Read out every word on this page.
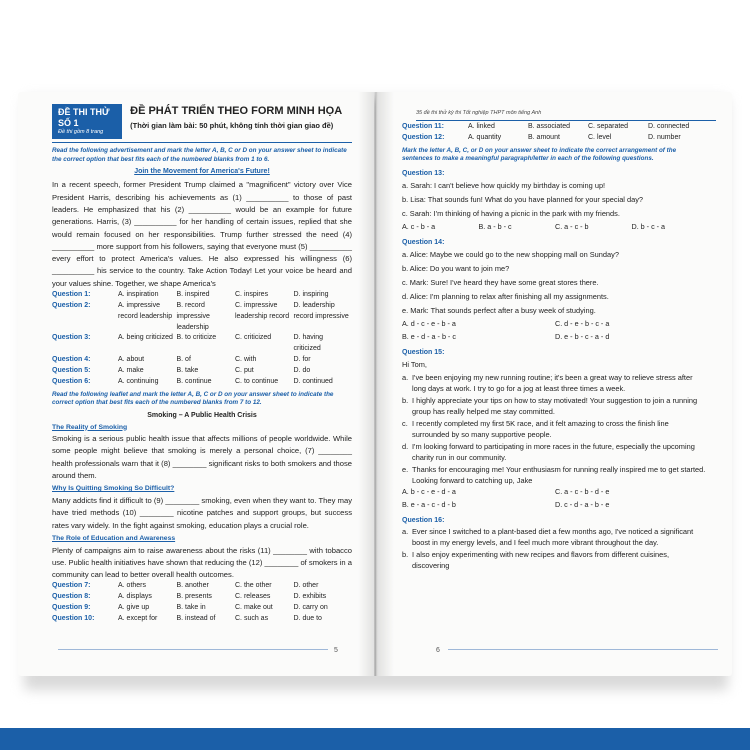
ĐỀ THI THỬ SỐ 1
Đề thi gồm 8 trang

ĐỀ PHÁT TRIỂN THEO FORM MINH HỌA
(Thời gian làm bài: 50 phút, không tính thời gian giao đề)
Read the following advertisement and mark the letter A, B, C or D on your answer sheet to indicate the correct option that best fits each of the numbered blanks from 1 to 6.
Join the Movement for America's Future!
In a recent speech, former President Trump claimed a "magnificent" victory over Vice President Harris, describing his achievements as (1) __________ to those of past leaders. He emphasized that his (2) __________ would be an example for future generations. Harris, (3) __________ for her handling of certain issues, replied that she would remain focused on her responsibilities. Trump further stressed the need (4) __________ more support from his followers, saying that everyone must (5) __________ every effort to protect America's values. He also expressed his willingness (6) __________ his service to the country. Take Action Today! Let your voice be heard and your values shine. Together, we shape America's
Question 1:	A. inspiration	B. inspired	C. inspires	D. inspiring
Question 2:	A. impressive record leadership
B. record impressive leadership
C. impressive leadership record
D. leadership record impressive
Question 3:	A. being criticized B. to criticize	C. criticized	D. having criticized
Question 4:	A. about	B. of	C. with	D. for
Question 5:	A. make	B. take	C. put	D. do
Question 6:	A. continuing	B. continue	C. to continue	D. continued
Read the following leaflet and mark the letter A, B, C or D on your answer sheet to indicate the correct option that best fits each of the numbered blanks from 7 to 12.
Smoking – A Public Health Crisis
The Reality of Smoking
Smoking is a serious public health issue that affects millions of people worldwide. While some people might believe that smoking is merely a personal choice, (7) ________ health professionals warn that it (8) ________ significant risks to both smokers and those around them.
Why Is Quitting Smoking So Difficult?
Many addicts find it difficult to (9) ________ smoking, even when they want to. They may have tried methods (10) ________ nicotine patches and support groups, but success rates vary widely. In the fight against smoking, education plays a crucial role.
The Role of Education and Awareness
Plenty of campaigns aim to raise awareness about the risks (11) ________ with tobacco use. Public health initiatives have shown that reducing the (12) ________ of smokers in a community can lead to better overall health outcomes.
Question 7:	A. others	B. another	C. the other	D. other
Question 8:	A. displays	B. presents	C. releases	D. exhibits
Question 9:	A. give up	B. take in	C. make out	D. carry on
Question 10:	A. except for	B. instead of	C. such as	D. due to
5
35 đề thi thử kỳ thi Tốt nghiệp THPT môn tiếng Anh
Question 11:	A. linked	B. associated	C. separated	D. connected
Question 12:	A. quantity	B. amount	C. level	D. number
Mark the letter A, B, C, or D on your answer sheet to indicate the correct arrangement of the sentences to make a meaningful paragraph/letter in each of the following questions.
Question 13:
a. Sarah: I can't believe how quickly my birthday is coming up!
b. Lisa: That sounds fun! What do you have planned for your special day?
c. Sarah: I'm thinking of having a picnic in the park with my friends.
A. c - b - a	B. a - b - c	C. a - c - b	D. b - c - a
Question 14:
a. Alice: Maybe we could go to the new shopping mall on Sunday?
b. Alice: Do you want to join me?
c. Mark: Sure! I've heard they have some great stores there.
d. Alice: I'm planning to relax after finishing all my assignments.
e. Mark: That sounds perfect after a busy week of studying.
A. d - c - e - b - a	C. d - e - b - c - a
B. e - d - a - b - c	D. e - b - c - a - d
Question 15:
Hi Tom,
a. I've been enjoying my new running routine; it's been a great way to relieve stress after long days at work. I try to go for a jog at least three times a week.
b. I highly appreciate your tips on how to stay motivated! Your suggestion to join a running group has really helped me stay committed.
c. I recently completed my first 5K race, and it felt amazing to cross the finish line surrounded by so many supportive people.
d. I'm looking forward to participating in more races in the future, especially the upcoming charity run in our community.
e. Thanks for encouraging me! Your enthusiasm for running really inspired me to get started. Looking forward to catching up, Jake
A. b - c - e - d - a	C. a - c - b - d - e
B. e - a - c - d - b	D. c - d - a - b - e
Question 16:
a. Ever since I switched to a plant-based diet a few months ago, I've noticed a significant boost in my energy levels, and I feel much more vibrant throughout the day.
b. I also enjoy experimenting with new recipes and flavors from different cuisines, discovering
6
